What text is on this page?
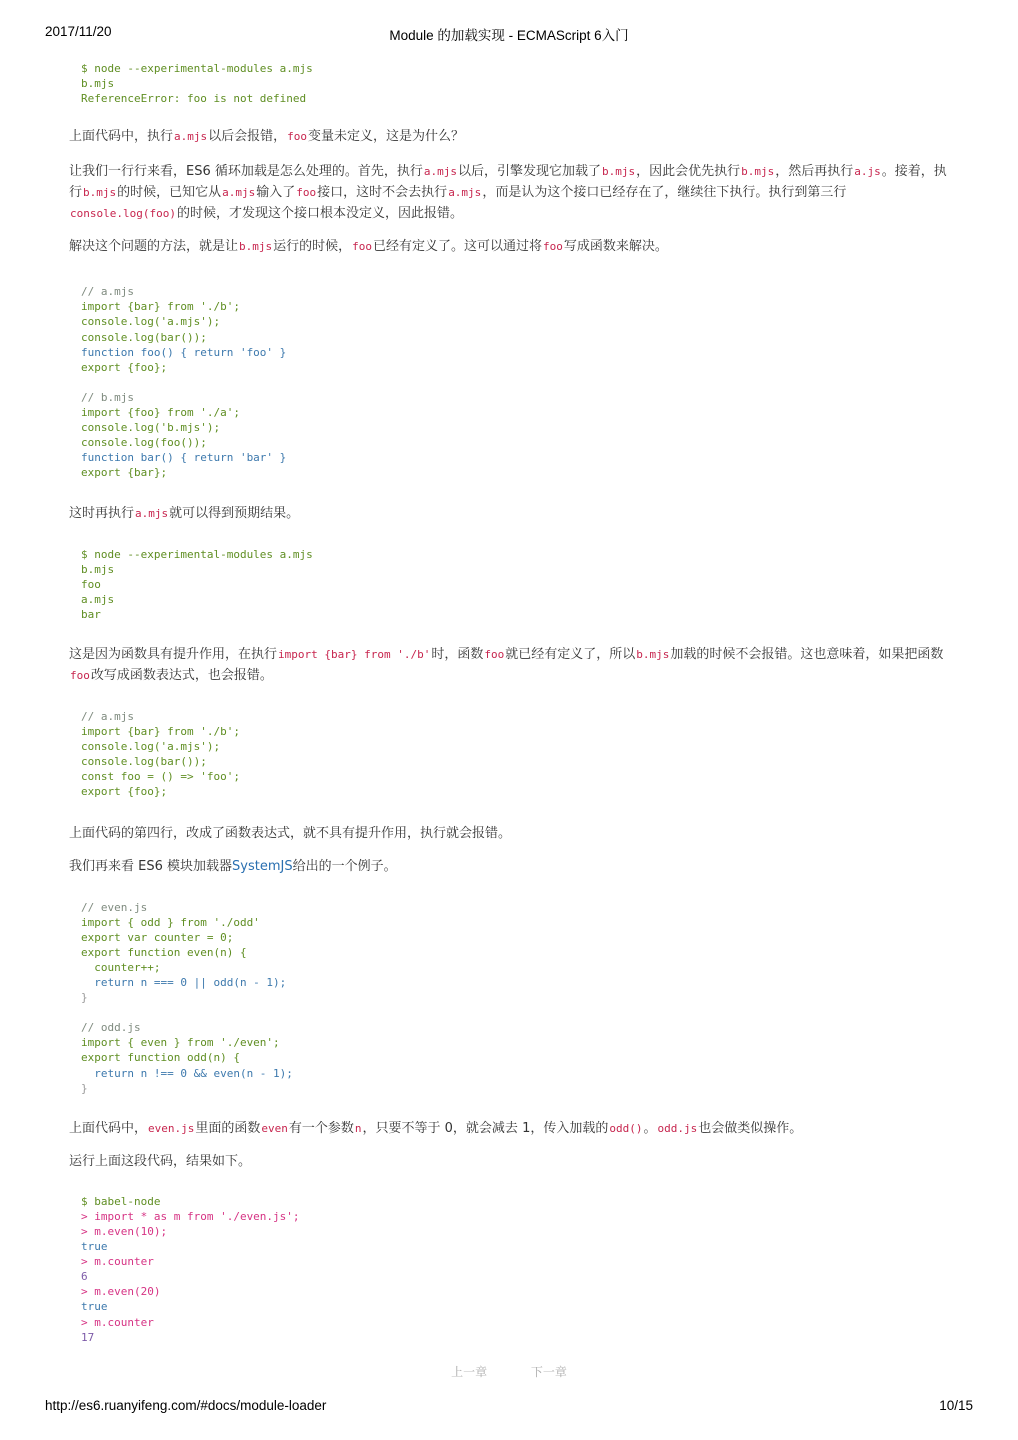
2017/11/20	Module 的加载实现 - ECMAScript 6入门
$ node --experimental-modules a.mjs
b.mjs
ReferenceError: foo is not defined

上面代码中，执行a.mjs以后会报错，foo变量未定义，这是为什么？

让我们一行行来看，ES6 循环加载是怎么处理的。首先，执行a.mjs以后，引擎发现它加载了b.mjs，因此会优先执行b.mjs，然后再执行a.js。接着，执行b.mjs的时候，已知它从a.mjs输入了foo接口，这时不会去执行a.mjs，而是认为这个接口已经存在了，继续往下执行。执行到第三行console.log(foo)的时候，才发现这个接口根本没定义，因此报错。

解决这个问题的方法，就是让b.mjs运行的时候，foo已经有定义了。这可以通过将foo写成函数来解决。

// a.mjs
import {bar} from './b';
console.log('a.mjs');
console.log(bar());
function foo() { return 'foo' }
export {foo};

// b.mjs
import {foo} from './a';
console.log('b.mjs');
console.log(foo());
function bar() { return 'bar' }
export {bar};

这时再执行a.mjs就可以得到预期结果。

$ node --experimental-modules a.mjs
b.mjs
foo
a.mjs
bar

这是因为函数具有提升作用，在执行import {bar} from './b'时，函数foo就已经有定义了，所以b.mjs加载的时候不会报错。这也意味着，如果把函数foo改写成函数表达式，也会报错。

// a.mjs
import {bar} from './b';
console.log('a.mjs');
console.log(bar());
const foo = () => 'foo';
export {foo};

上面代码的第四行，改成了函数表达式，就不具有提升作用，执行就会报错。

我们再来看 ES6 模块加载器SystemJS给出的一个例子。

// even.js
import { odd } from './odd'
export var counter = 0;
export function even(n) {
counter++;
return n === 0 || odd(n - 1);
}

// odd.js
import { even } from './even';
export function odd(n) {
return n !== 0 && even(n - 1);
}

上面代码中，even.js里面的函数even有一个参数n，只要不等于 0，就会减去 1，传入加载的odd()。odd.js也会做类似操作。

运行上面这段代码，结果如下。

$ babel-node
> import * as m from './even.js';
> m.even(10);
true
> m.counter
6
> m.even(20)
true
> m.counter
17
上一章	下一章
http://es6.ruanyifeng.com/#docs/module-loader	10/15
